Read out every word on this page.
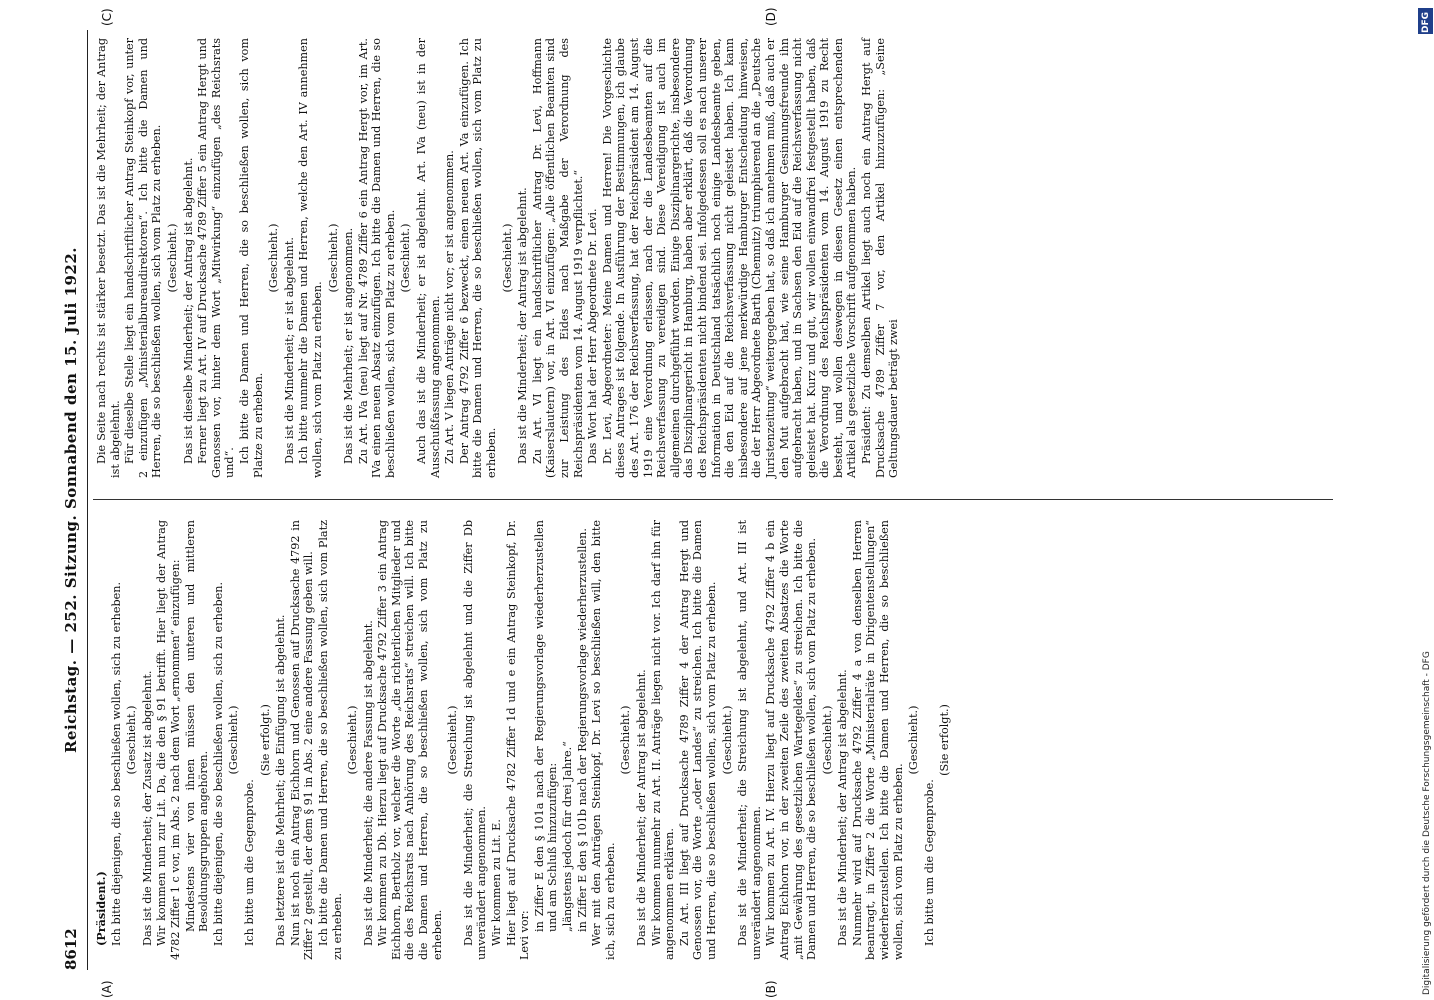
8612
Reichstag. — 252. Sitzung. Sonnabend den 15. Juli 1922.

(Präsident.) Ich bitte diejenigen, die so beschließen wollen, sich zu erheben. (Geschieht.) Das ist die Minderheit; der Zusatz ist abgelehnt. Wir kommen nun zur Lit. Da, die den § 91 betrifft. Hier liegt der Antrag 4782 Ziffer 1 c vor, im Abs. 2 nach dem Wort „ernommen“ einzufügen: Mindestens vier von ihnen müssen den unteren und mittleren Besoldungsgruppen angehören. Ich bitte diejenigen, die so beschließen wollen, sich zu erheben. (Geschieht.)

Ich bitte um die Gegenprobe.

(Sie erfolgt.) Das letztere ist die Mehrheit; die Einfügung ist abgelehnt. Nun ist noch ein Antrag Eichhorn und Genossen auf Drucksache 4792 in Ziffer 2 gestellt, der dem § 91 in Abs. 2 eine andere Fassung geben will. Ich bitte die Damen und Herren, die so beschließen wollen, sich vom Platz zu erheben.

(Geschieht.) Das ist die Minderheit; die andere Fassung ist abgelehnt. Wir kommen zu Db. Hierzu liegt auf Drucksache 4792 Ziffer 3 ein Antrag Eichhorn, Bertholz vor, welcher die Worte „die richterlichen Mitglieder und die des Reichsrats nach Anhörung des Reichsrats“ streichen will. Ich bitte die Damen und Herren, die so beschließen wollen, sich vom Platz zu erheben.

(Geschieht.) Das ist die Minderheit; die Streichung ist abgelehnt und die Ziffer Db unverändert angenommen. Wir kommen zu Lit. E. Hier liegt auf Drucksache 4782 Ziffer 1d und e ein Antrag Steinkopf, Dr. Levi vor:

in Ziffer E den § 101a nach der Regierungsvorlage wiederherzustellen und am Schluß hinzuzufügen: „längstens jedoch für drei Jahre.“ in Ziffer E den § 101b nach der Regierungsvorlage wiederherzustellen. Wer mit den Anträgen Steinkopf, Dr. Levi so beschließen will, den bitte ich, sich zu erheben.

(Geschieht.) Das ist die Minderheit; der Antrag ist abgelehnt. Wir kommen nunmehr zu Art. II. Anträge liegen nicht vor. Ich darf ihn für angenommen erklären. Zu Art. III liegt auf Drucksache 4789 Ziffer 4 der Antrag Hergt und Genossen vor, die Worte „oder Landes“ zu streichen. Ich bitte die Damen und Herren, die so beschließen wollen, sich vom Platz zu erheben. (Geschieht.) Das ist die Minderheit; die Streichung ist abgelehnt, und Art. III ist unverändert angenommen. Wir kommen zu Art. IV. Hierzu liegt auf Drucksache 4792 Ziffer 4 b ein Antrag Eichhorn vor, in der zweiten Zeile des zweiten Absatzes die Worte „mit Gewährung des gesetzlichen Wartegeldes“ zu streichen. Ich bitte die Damen und Herren, die so beschließen wollen, sich vom Platz zu erheben. (Geschieht.) Das ist die Minderheit; der Antrag ist abgelehnt. Nunmehr wird auf Drucksache 4792 Ziffer 4 a von denselben Herren beantragt, in Ziffer 2 die Worte „Ministerialräte in Dirigentenstellungen“ wiederherzustellen. Ich bitte die Damen und Herren, die so beschließen wollen, sich vom Platz zu erheben.

(Geschieht.)

Ich bitte um die Gegenprobe.

(Sie erfolgt.)

Die Seite nach rechts ist stärker besetzt. Das ist die Mehrheit; der Antrag ist abgelehnt. Für dieselbe Stelle liegt ein handschriftlicher Antrag Steinkopf vor, unter 2 einzufügen „Ministerialbureaudirektoren“. Ich bitte die Damen und Herren, die so beschließen wollen, sich vom Platz zu erheben. (Geschieht.) Das ist dieselbe Minderheit; der Antrag ist abgelehnt. Ferner liegt zu Art. IV auf Drucksache 4789 Ziffer 5 ein Antrag Hergt und Genossen vor, hinter dem Wort „Mitwirkung“ einzufügen „des Reichsrats und“. Ich bitte die Damen und Herren, die so beschließen wollen, sich vom Platze zu erheben.

(Geschieht.) Das ist die Minderheit; er ist abgelehnt. Ich bitte nunmehr die Damen und Herren, welche den Art. IV annehmen wollen, sich vom Platz zu erheben.

(Geschieht.) Das ist die Mehrheit; er ist angenommen. Zu Art. IVa (neu) liegt auf Nr. 4789 Ziffer 6 ein Antrag Hergt vor, im Art. IVa einen neuen Absatz einzufügen. Ich bitte die Damen und Herren, die so beschließen wollen, sich vom Platz zu erheben. (Geschieht.) Auch das ist die Minderheit; er ist abgelehnt. Art. IVa (neu) ist in der Ausschußfassung angenommen. Zu Art. V liegen Anträge nicht vor; er ist angenommen. Der Antrag 4792 Ziffer 6 bezweckt, einen neuen Art. Va einzufügen. Ich bitte die Damen und Herren, die so beschließen wollen, sich vom Platz zu erheben.

(Geschieht.) Das ist die Minderheit; der Antrag ist abgelehnt. Zu Art. VI liegt ein handschriftlicher Antrag Dr. Levi, Hoffmann (Kaiserslautern) vor, in Art. VI einzufügen: „Alle öffentlichen Beamten sind zur Leistung des Eides nach Maßgabe der Verordnung des Reichspräsidenten vom 14. August 1919 verpflichtet.“ Das Wort hat der Herr Abgeordnete Dr. Levi. Dr. Levi, Abgeordneter: Meine Damen und Herren! Die Vorgeschichte dieses Antrages ist folgende. In Ausführung der Bestimmungen, ich glaube des Art. 176 der Reichsverfassung, hat der Reichspräsident am 14. August 1919 eine Verordnung erlassen, nach der die Landesbeamten auf die Reichsverfassung zu vereidigen sind. Diese Vereidigung ist auch im allgemeinen durchgeführt worden. Einige Disziplinargerichte, insbesondere das Disziplinargericht in Hamburg, haben aber erklärt, daß die Verordnung des Reichspräsidenten nicht bindend sei. Infolgedessen soll es nach unserer Information in Deutschland tatsächlich noch einige Landesbeamte geben, die den Eid auf die Reichsverfassung nicht geleistet haben. Ich kann insbesondere auf jene merkwürdige Hamburger Entscheidung hinweisen, die der Herr Abgeordnete Barth (Chemnitz) triumphierend an die „Deutsche Juristenzeitung“ weitergegeben hat, so daß ich annehmen muß, daß auch er den Mut aufgebracht hat, wie seine Hamburger Gesinnungsfreunde ihn aufgebracht haben, und in Sachsen den Eid auf die Reichsverfassung nicht geleistet hat. Kurz und gut, wir wollen einwandfrei festgestellt haben, daß die Verordnung des Reichspräsidenten vom 14. August 1919 zu Recht besteht, und wollen deswegen in diesen Gesetz einen entsprechenden Artikel als gesetzliche Vorschrift aufgenommen haben. Präsident: Zu demselben Artikel liegt auch noch ein Antrag Hergt auf Drucksache 4789 Ziffer 7 vor, den Artikel hinzuzufügen: „Seine Geltungsdauer beträgt zwei

(A)	(B)
(C)	(D)	DFG
Digitalisierung gefördert durch die Deutsche Forschungsgemeinschaft - DFG
